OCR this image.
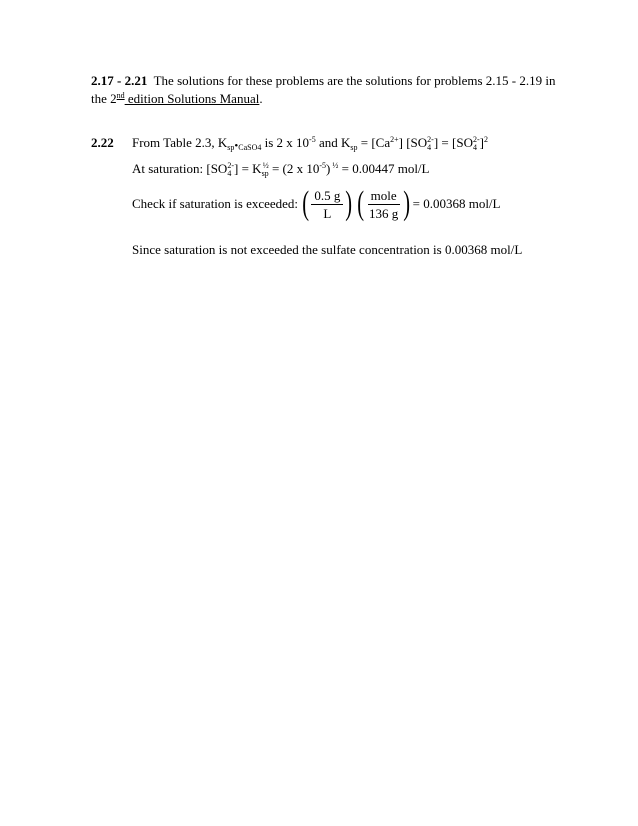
2.17 - 2.21 The solutions for these problems are the solutions for problems 2.15 - 2.19 in
the 2nd edition Solutions Manual.
2.22 From Table 2.3, $K_{sp}•_{CaSO4}$ is 2 x $10^{-5}$ and $K_{sp} = [Ca^{2+}] [SO_4^{2-}] = [SO_4^{2-}]^2$
At saturation: $[SO_4^{2-}] = K_{sp}^{\frac{1}{2}} = (2$ x $10^{-5}$) $^{\frac{1}{2}}$ = 0.00447 mol/L
Check if saturation is exceeded: ( $\frac{0.5 g}{L}$ ) ( $\frac{\text{mole}}{136 g}$ ) = 0.00368 mol/L
Since saturation is not exceeded the sulfate concentration is 0.00368 mol/L
